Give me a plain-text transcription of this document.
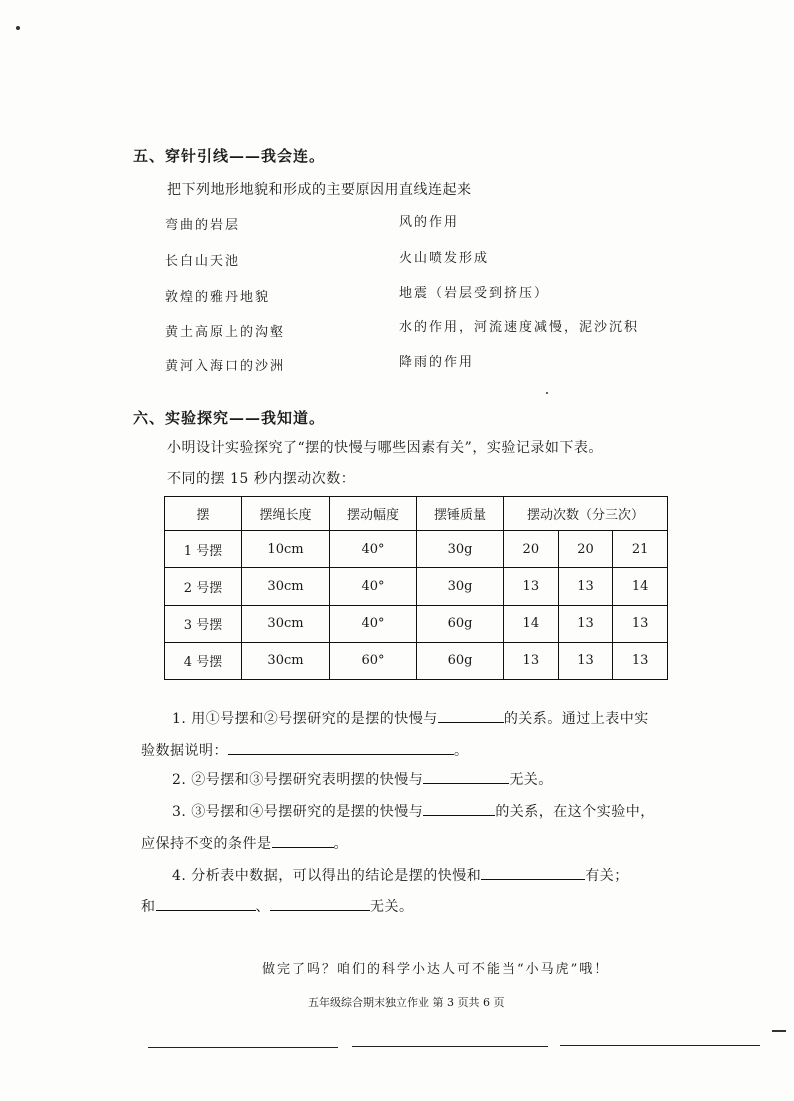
五、穿针引线——我会连。
把下列地形地貌和形成的主要原因用直线连起来
弯曲的岩层
长白山天池
敦煌的雅丹地貌
黄土高原上的沟壑
黄河入海口的沙洲
风的作用
火山喷发形成
地震（岩层受到挤压）
水的作用，河流速度减慢，泥沙沉积
降雨的作用
六、实验探究——我知道。
小明设计实验探究了“摆的快慢与哪些因素有关”，实验记录如下表。
不同的摆 15 秒内摆动次数：
摆	摆绳长度	摆动幅度	摆锤质量	摆动次数（分三次）		
1 号摆	10cm	40°	30g	20	20	21
2 号摆	30cm	40°	30g	13	13	14
3 号摆	30cm	40°	60g	14	13	13
4 号摆	30cm	60°	60g	13	13	13
1. 用①号摆和②号摆研究的是摆的快慢与	的关系。通过上表中实
验数据说明：	。
2. ②号摆和③号摆研究表明摆的快慢与	无关。
3. ③号摆和④号摆研究的是摆的快慢与	的关系，在这个实验中，
应保持不变的条件是	。
4. 分析表中数据，可以得出的结论是摆的快慢和	有关；
和	、	无关。
做完了吗？咱们的科学小达人可不能当“小马虎”哦！
五年级综合期末独立作业 第 3 页共 6 页
